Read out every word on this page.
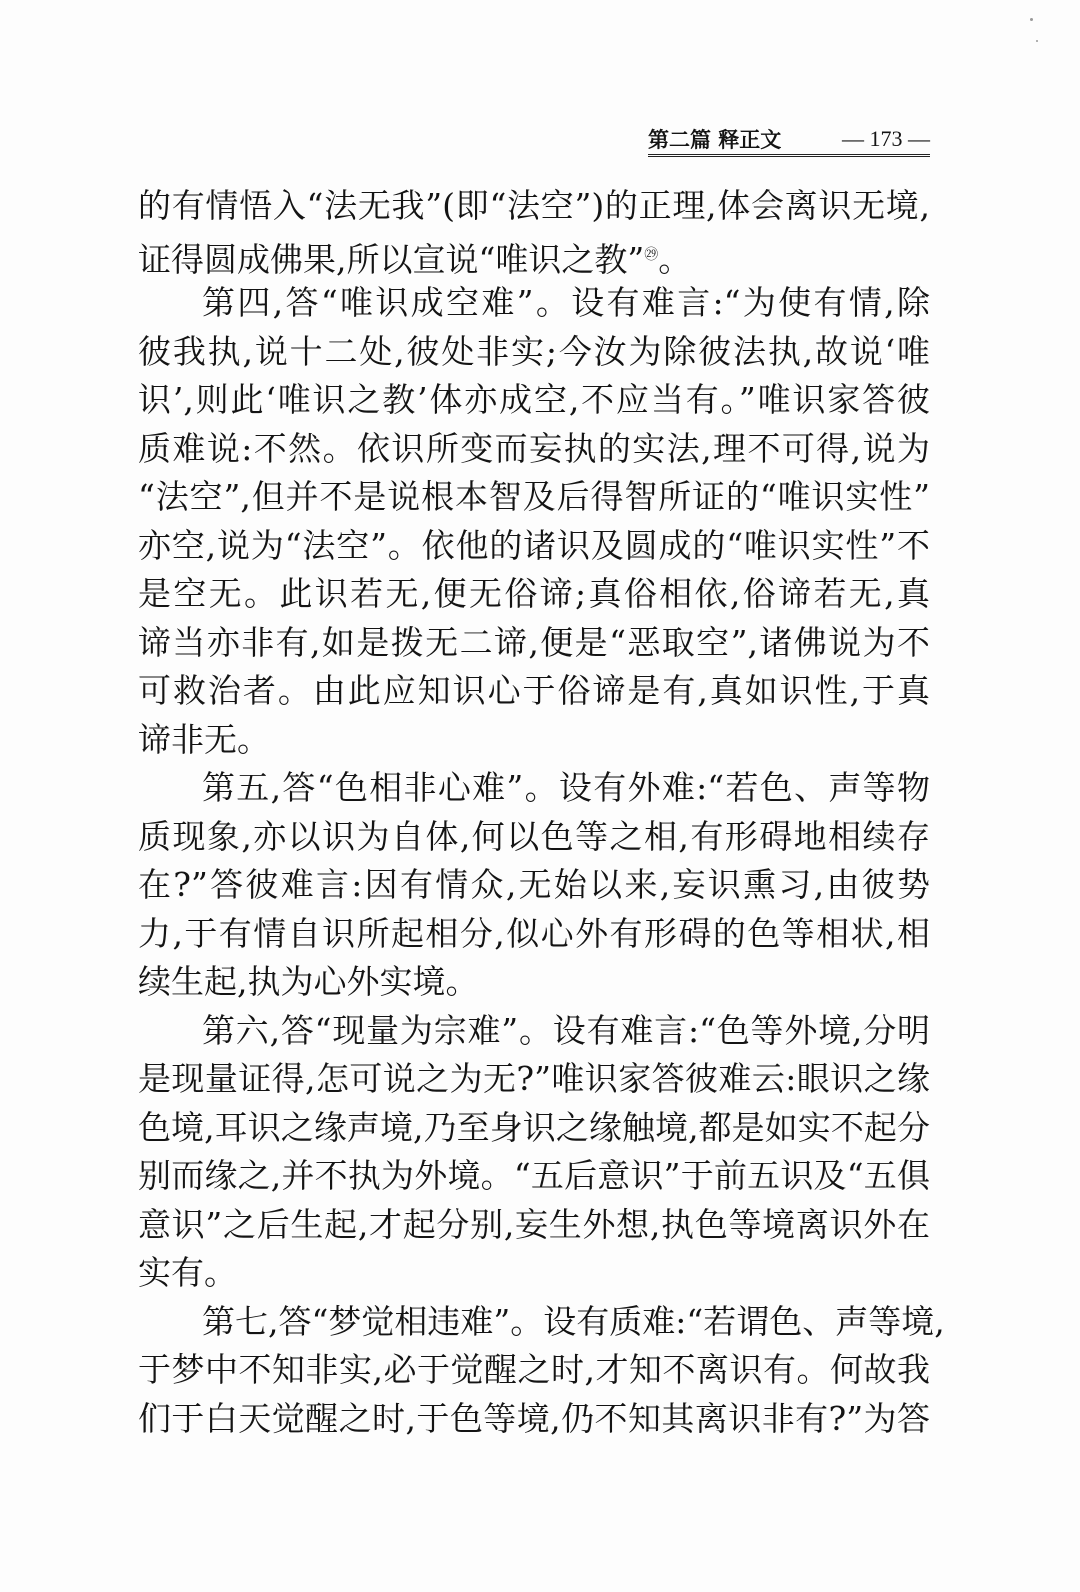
第二篇 释正文	— 173 —
的有情悟入“法无我”(即“法空”)的正理,体会离识无境,
证得圆成佛果,所以宣说“唯识之教”$^㉙$。
第四,答“唯识成空难”。设有难言:“为使有情,除
彼我执,说十二处,彼处非实;今汝为除彼法执,故说‘唯
识’,则此‘唯识之教’体亦成空,不应当有。”唯识家答彼
质难说:不然。依识所变而妄执的实法,理不可得,说为
“法空”,但并不是说根本智及后得智所证的“唯识实性”
亦空,说为“法空”。依他的诸识及圆成的“唯识实性”不
是空无。此识若无,便无俗谛;真俗相依,俗谛若无,真
谛当亦非有,如是拨无二谛,便是“恶取空”,诸佛说为不
可救治者。由此应知识心于俗谛是有,真如识性,于真
谛非无。
第五,答“色相非心难”。设有外难:“若色、声等物
质现象,亦以识为自体,何以色等之相,有形碍地相续存
在?”答彼难言:因有情众,无始以来,妄识熏习,由彼势
力,于有情自识所起相分,似心外有形碍的色等相状,相
续生起,执为心外实境。
第六,答“现量为宗难”。设有难言:“色等外境,分明
是现量证得,怎可说之为无?”唯识家答彼难云:眼识之缘
色境,耳识之缘声境,乃至身识之缘触境,都是如实不起分
别而缘之,并不执为外境。“五后意识”于前五识及“五俱
意识”之后生起,才起分别,妄生外想,执色等境离识外在
实有。
第七,答“梦觉相违难”。设有质难:“若谓色、声等境,
于梦中不知非实,必于觉醒之时,才知不离识有。何故我
们于白天觉醒之时,于色等境,仍不知其离识非有?”为答
